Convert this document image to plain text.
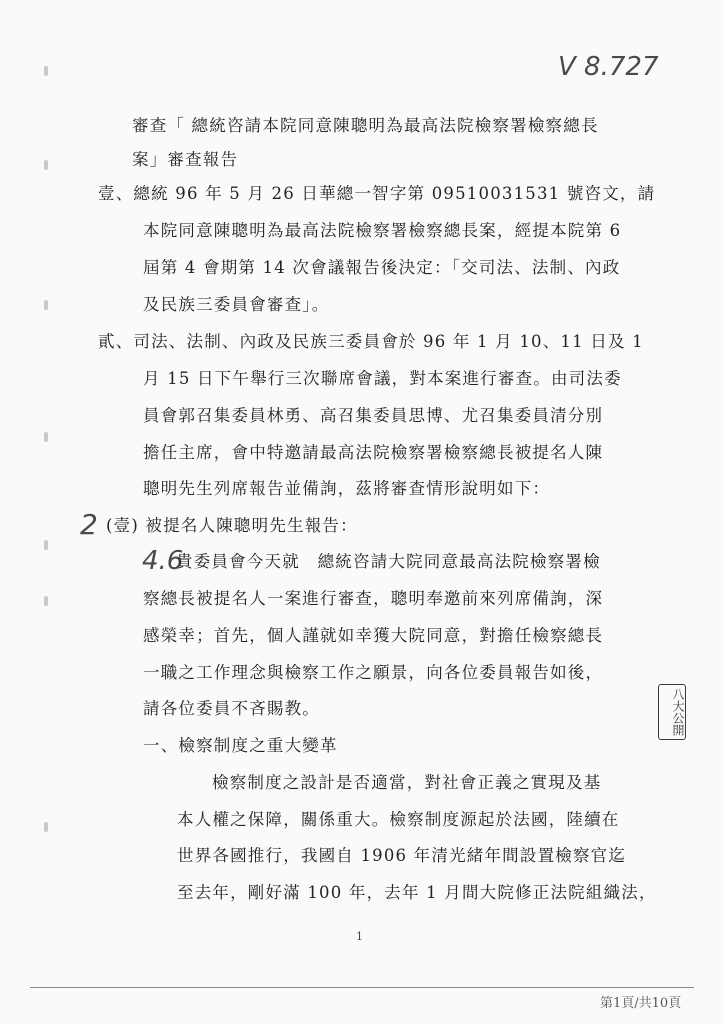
V 8.727
2
4.6
八大公開
審查「 總統咨請本院同意陳聰明為最高法院檢察署檢察總長
案」審查報告
壹、總統 96 年 5 月 26 日華總一智字第 09510031531 號咨文，請
本院同意陳聰明為最高法院檢察署檢察總長案，經提本院第 6
屆第 4 會期第 14 次會議報告後決定：「交司法、法制、內政
及民族三委員會審查」。
貳、司法、法制、內政及民族三委員會於 96 年 1 月 10、11 日及 1
月 15 日下午舉行三次聯席會議，對本案進行審查。由司法委
員會郭召集委員林勇、高召集委員思博、尤召集委員清分別
擔任主席，會中特邀請最高法院檢察署檢察總長被提名人陳
聰明先生列席報告並備詢，茲將審查情形說明如下：
(壹) 被提名人陳聰明先生報告：
貴委員會今天就　總統咨請大院同意最高法院檢察署檢
察總長被提名人一案進行審查，聰明奉邀前來列席備詢，深
感榮幸；首先，個人謹就如幸獲大院同意，對擔任檢察總長
一職之工作理念與檢察工作之願景，向各位委員報告如後，
請各位委員不吝賜教。
一、檢察制度之重大變革
檢察制度之設計是否適當，對社會正義之實現及基
本人權之保障，關係重大。檢察制度源起於法國，陸續在
世界各國推行，我國自 1906 年清光緒年間設置檢察官迄
至去年，剛好滿 100 年，去年 1 月間大院修正法院組織法，
1
第1頁/共10頁
